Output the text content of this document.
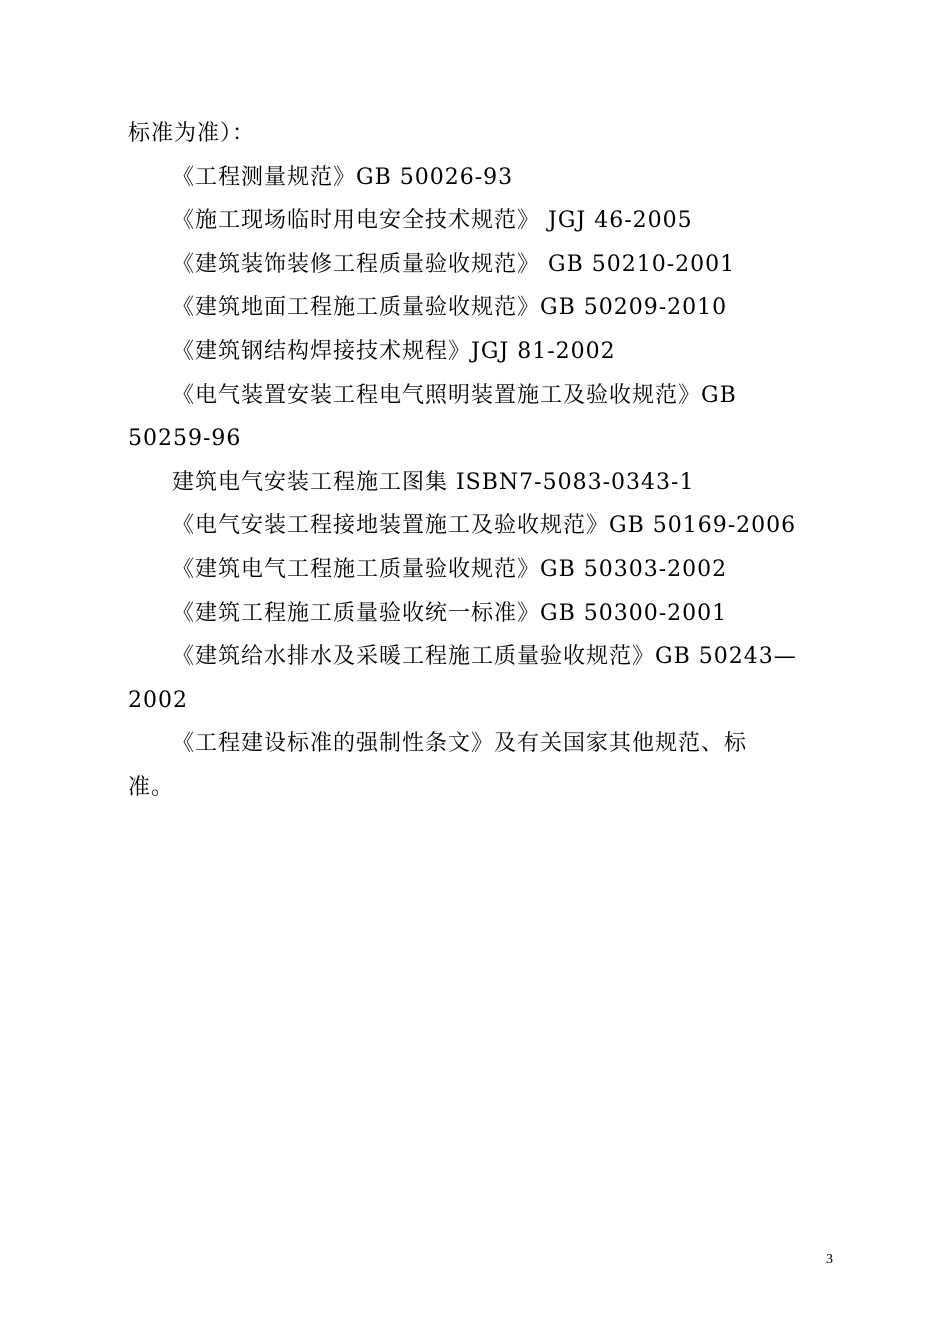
标准为准）：
《工程测量规范》GB 50026-93
《施工现场临时用电安全技术规范》 JGJ 46-2005
《建筑装饰装修工程质量验收规范》 GB 50210-2001
《建筑地面工程施工质量验收规范》GB 50209-2010
《建筑钢结构焊接技术规程》JGJ 81-2002
《电气装置安装工程电气照明装置施工及验收规范》GB
50259-96
建筑电气安装工程施工图集 ISBN7-5083-0343-1
《电气安装工程接地装置施工及验收规范》GB 50169-2006
《建筑电气工程施工质量验收规范》GB 50303-2002
《建筑工程施工质量验收统一标准》GB 50300-2001
《建筑给水排水及采暖工程施工质量验收规范》GB 50243—
2002
《工程建设标准的强制性条文》及有关国家其他规范、标
准。
3
